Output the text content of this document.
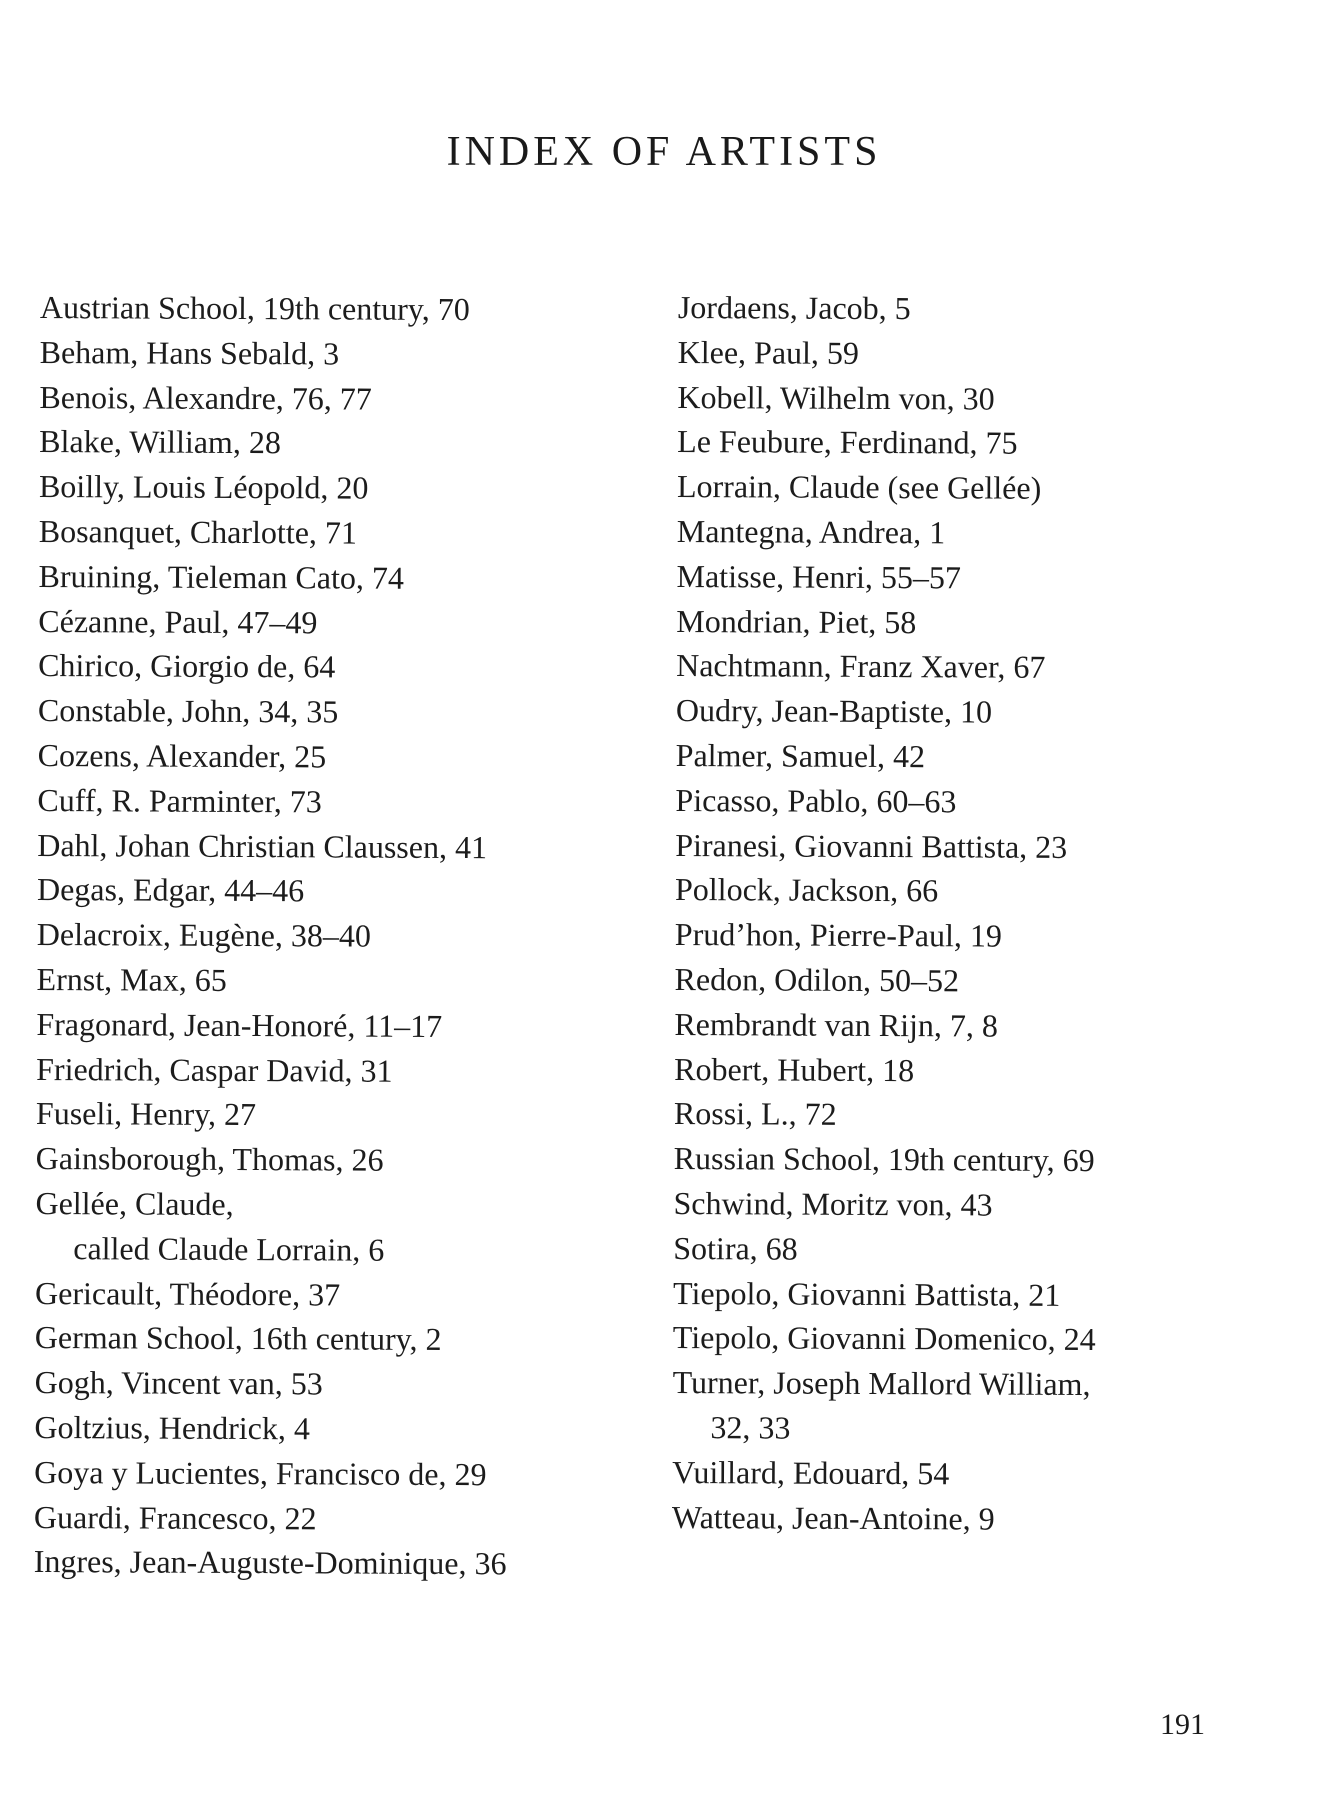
INDEX OF ARTISTS
Austrian School, 19th century, 70
Beham, Hans Sebald, 3
Benois, Alexandre, 76, 77
Blake, William, 28
Boilly, Louis Léopold, 20
Bosanquet, Charlotte, 71
Bruining, Tieleman Cato, 74
Cézanne, Paul, 47–49
Chirico, Giorgio de, 64
Constable, John, 34, 35
Cozens, Alexander, 25
Cuff, R. Parminter, 73
Dahl, Johan Christian Claussen, 41
Degas, Edgar, 44–46
Delacroix, Eugène, 38–40
Ernst, Max, 65
Fragonard, Jean-Honoré, 11–17
Friedrich, Caspar David, 31
Fuseli, Henry, 27
Gainsborough, Thomas, 26
Gellée, Claude,
called Claude Lorrain, 6
Gericault, Théodore, 37
German School, 16th century, 2
Gogh, Vincent van, 53
Goltzius, Hendrick, 4
Goya y Lucientes, Francisco de, 29
Guardi, Francesco, 22
Ingres, Jean-Auguste-Dominique, 36
Jordaens, Jacob, 5
Klee, Paul, 59
Kobell, Wilhelm von, 30
Le Feubure, Ferdinand, 75
Lorrain, Claude (see Gellée)
Mantegna, Andrea, 1
Matisse, Henri, 55–57
Mondrian, Piet, 58
Nachtmann, Franz Xaver, 67
Oudry, Jean-Baptiste, 10
Palmer, Samuel, 42
Picasso, Pablo, 60–63
Piranesi, Giovanni Battista, 23
Pollock, Jackson, 66
Prud’hon, Pierre-Paul, 19
Redon, Odilon, 50–52
Rembrandt van Rijn, 7, 8
Robert, Hubert, 18
Rossi, L., 72
Russian School, 19th century, 69
Schwind, Moritz von, 43
Sotira, 68
Tiepolo, Giovanni Battista, 21
Tiepolo, Giovanni Domenico, 24
Turner, Joseph Mallord William,
32, 33
Vuillard, Edouard, 54
Watteau, Jean-Antoine, 9
191
